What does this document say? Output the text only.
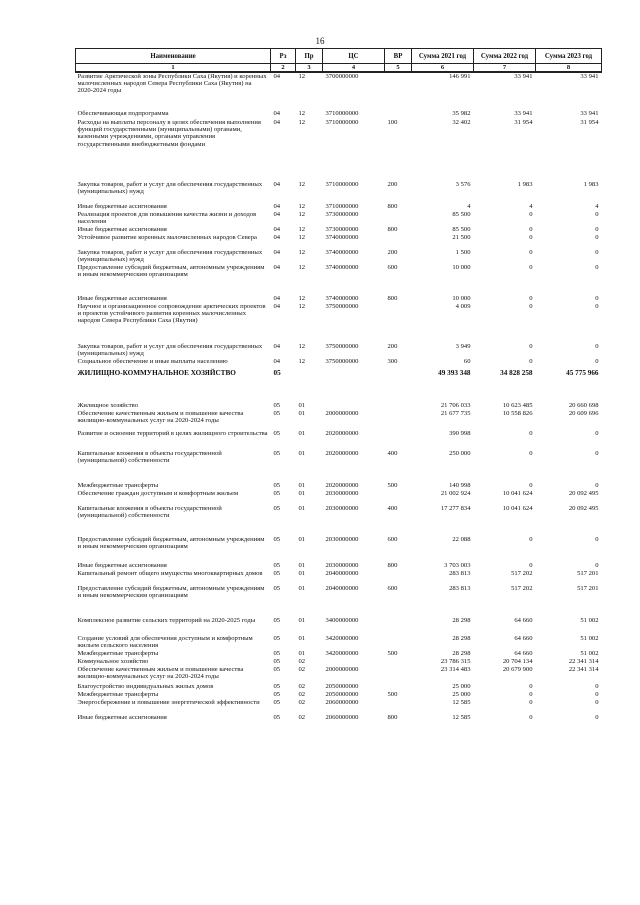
16
Наименование	Рз	Пр	ЦС	ВР	Сумма 2021 год	Сумма 2022 год	Сумма 2023 год
1	2	3	4	5	6	7	8
Развитие Арктической зоны Республики Саха (Якутия) и коренных малочисленных народов Севера Республики Саха (Якутия) на 2020-2024 годы	04	12	3700000000		146 991	33 941	33 941
Обеспечивающая подпрограмма	04	12	3710000000		35 982	33 941	33 941
Расходы на выплаты персоналу в целях обеспечения выполнения функций государственными (муниципальными) органами, казенными учреждениями, органами управления государственными внебюджетными фондами	04	12	3710000000	100	32 402	31 954	31 954
Закупка товаров, работ и услуг для обеспечения государственных (муниципальных) нужд	04	12	3710000000	200	3 576	1 983	1 983
Иные бюджетные ассигнования	04	12	3710000000	800	4	4	4
Реализация проектов для повышения качества жизни и доходов населения	04	12	3730000000		85 500	0	0
Иные бюджетные ассигнования	04	12	3730000000	800	85 500	0	0
Устойчивое развитие коренных малочисленных народов Севера	04	12	3740000000		21 500	0	0
Закупка товаров, работ и услуг для обеспечения государственных (муниципальных) нужд	04	12	3740000000	200	1 500	0	0
Предоставление субсидий бюджетным, автономным учреждениям и иным некоммерческим организациям	04	12	3740000000	600	10 000	0	0
Иные бюджетные ассигнования	04	12	3740000000	800	10 000	0	0
Научное и организационное сопровождение арктических проектов и проектов устойчивого развития коренных малочисленных народов Севера Республики Саха (Якутия)	04	12	3750000000		4 009	0	0
Закупка товаров, работ и услуг для обеспечения государственных (муниципальных) нужд	04	12	3750000000	200	3 949	0	0
Социальное обеспечение и иные выплаты населению	04	12	3750000000	300	60	0	0
ЖИЛИЩНО-КОММУНАЛЬНОЕ ХОЗЯЙСТВО	05				49 393 348	34 828 258	45 775 966
Жилищное хозяйство	05	01			21 706 033	10 623 485	20 660 698
Обеспечение качественным жильем и повышение качества жилищно-коммунальных услуг на 2020-2024 годы	05	01	2000000000		21 677 735	10 558 826	20 609 696
Развитие и освоение территорий в целях жилищного строительства	05	01	2020000000		390 998	0	0
Капитальные вложения в объекты государственной (муниципальной) собственности	05	01	2020000000	400	250 000	0	0
Межбюджетные трансферты	05	01	2020000000	500	140 998	0	0
Обеспечение граждан доступным и комфортным жильем	05	01	2030000000		21 002 924	10 041 624	20 092 495
Капитальные вложения в объекты государственной (муниципальной) собственности	05	01	2030000000	400	17 277 834	10 041 624	20 092 495
Предоставление субсидий бюджетным, автономным учреждениям и иным некоммерческим организациям	05	01	2030000000	600	22 088	0	0
Иные бюджетные ассигнования	05	01	2030000000	800	3 703 003	0	0
Капитальный ремонт общего имущества многоквартирных домов	05	01	2040000000		283 813	517 202	517 201
Предоставление субсидий бюджетным, автономным учреждениям и иным некоммерческим организациям	05	01	2040000000	600	283 813	517 202	517 201
Комплексное развитие сельских территорий на 2020-2025 годы	05	01	3400000000		28 298	64 660	51 002
Создание условий для обеспечения доступным и комфортным жильем сельского населения	05	01	3420000000		28 298	64 660	51 002
Межбюджетные трансферты	05	01	3420000000	500	28 298	64 660	51 002
Коммунальное хозяйство	05	02			23 786 315	20 704 134	22 341 314
Обеспечение качественным жильем и повышение качества жилищно-коммунальных услуг на 2020-2024 годы	05	02	2000000000		23 314 483	20 679 900	22 341 314
Благоустройство индивидуальных жилых домов	05	02	2050000000		25 000	0	0
Межбюджетные трансферты	05	02	2050000000	500	25 000	0	0
Энергосбережение и повышение энергетической эффективности	05	02	2060000000		12 585	0	0
Иные бюджетные ассигнования	05	02	2060000000	800	12 585	0	0
